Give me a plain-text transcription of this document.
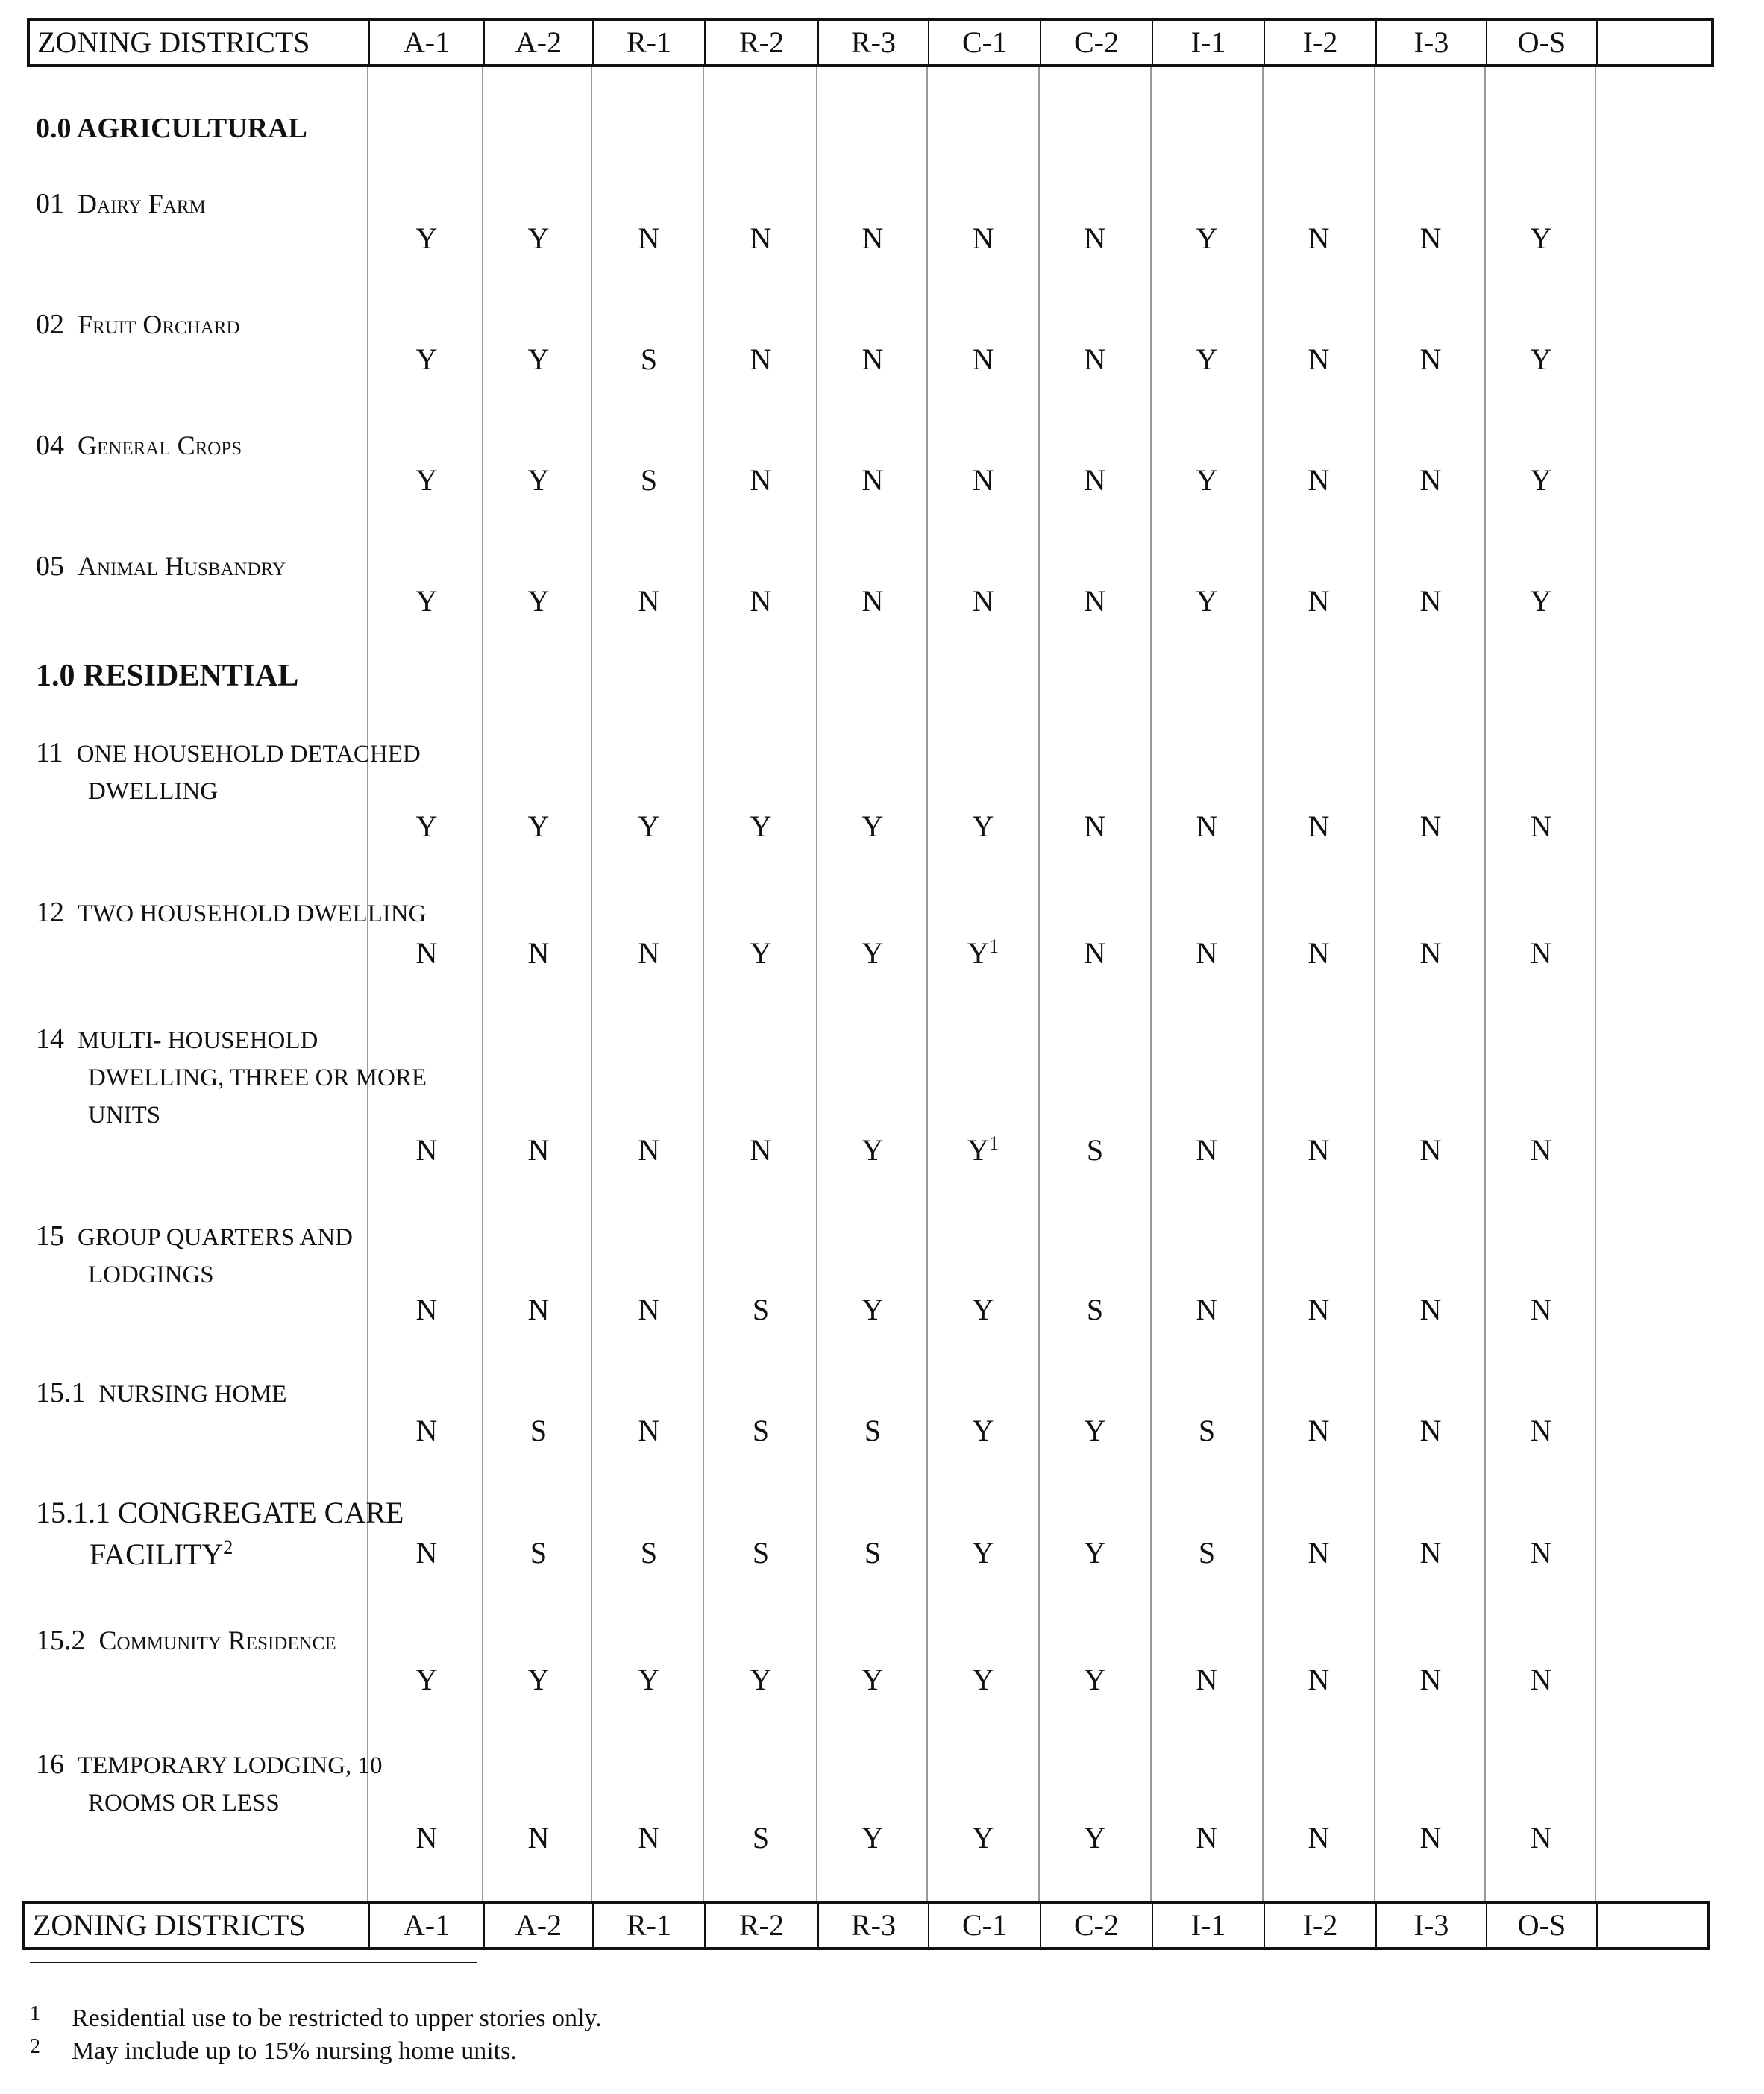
ZONING DISTRICTS	A-1	A-2	R-1	R-2	R-3	C-1	C-2	I-1	I-2	I-3	O-S
0.0 AGRICULTURAL
01 Dairy Farm
Y	Y	N	N	N	N	N	Y	N	N	Y
02 Fruit Orchard
Y	Y	S	N	N	N	N	Y	N	N	Y
04 General Crops
Y	Y	S	N	N	N	N	Y	N	N	Y
05 Animal Husbandry
Y	Y	N	N	N	N	N	Y	N	N	Y
1.0 RESIDENTIAL
11 ONE HOUSEHOLD DETACHED
DWELLING
Y	Y	Y	Y	Y	Y	N	N	N	N	N
12 TWO HOUSEHOLD DWELLING
N	N	N	Y	Y	$Y^1$	N	N	N	N	N
14 MULTI- HOUSEHOLD
DWELLING, THREE OR MORE
UNITS
N	N	N	N	Y	$Y^1$	S	N	N	N	N
15 GROUP QUARTERS AND
LODGINGS
N	N	N	S	Y	Y	S	N	N	N	N
15.1 NURSING HOME
N	S	N	S	S	Y	Y	S	N	N	N
15.1.1 CONGREGATE CARE
FACILITY$^2$	N	S	S	S	S	Y	Y	S	N	N	N
15.2 Community Residence
Y	Y	Y	Y	Y	Y	Y	N	N	N	N
16 TEMPORARY LODGING, 10
ROOMS OR LESS
N	N	N	S	Y	Y	Y	N	N	N	N
ZONING DISTRICTS	A-1	A-2	R-1	R-2	R-3	C-1	C-2	I-1	I-2	I-3	O-S
1 Residential use to be restricted to upper stories only.
2 May include up to 15% nursing home units.
